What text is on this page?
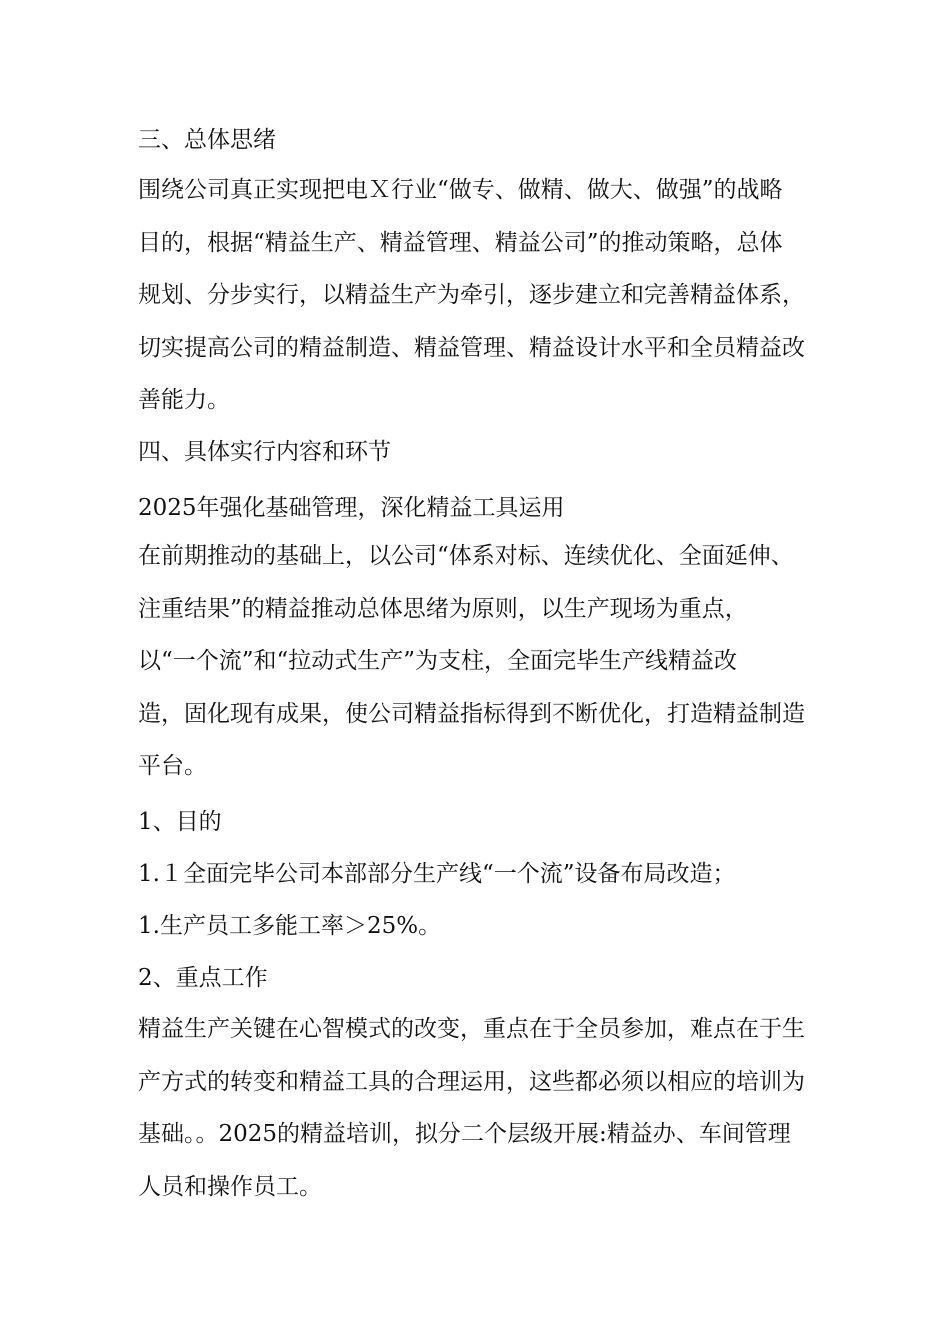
三、总体思绪
围绕公司真正实现把电Ｘ行业“做专、做精、做大、做强”的战略
目的，根据“精益生产、精益管理、精益公司”的推动策略，总体
规划、分步实行，以精益生产为牵引，逐步建立和完善精益体系，
切实提高公司的精益制造、精益管理、精益设计水平和全员精益改
善能力。
四、具体实行内容和环节
2025年强化基础管理，深化精益工具运用
在前期推动的基础上，以公司“体系对标、连续优化、全面延伸、
注重结果”的精益推动总体思绪为原则，以生产现场为重点，
以“一个流”和“拉动式生产”为支柱，全面完毕生产线精益改
造，固化现有成果，使公司精益指标得到不断优化，打造精益制造
平台。
1、目的
1.１全面完毕公司本部部分生产线“一个流”设备布局改造；
1.生产员工多能工率＞25%。
2、重点工作
精益生产关键在心智模式的改变，重点在于全员参加，难点在于生
产方式的转变和精益工具的合理运用，这些都必须以相应的培训为
基础。。2025的精益培训，拟分二个层级开展:精益办、车间管理
人员和操作员工。
